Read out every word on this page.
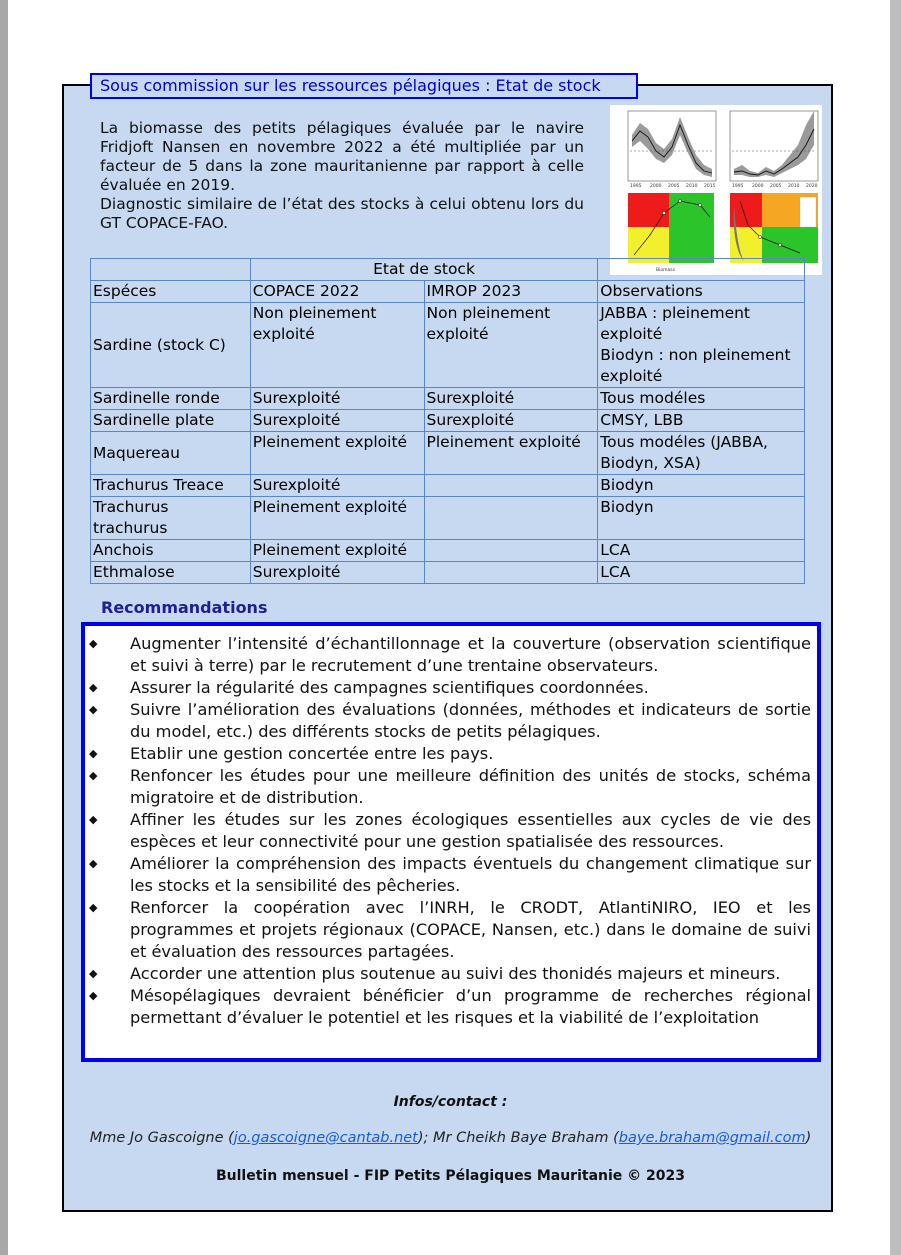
Sous commission sur les ressources pélagiques : Etat de stock

La biomasse des petits pélagiques évaluée par le navire Fridjoft Nansen en novembre 2022 a été multipliée par un facteur de 5 dans la zone mauritanienne par rapport à celle évaluée en 2019.

Diagnostic similaire de l’état des stocks à celui obtenu lors du GT COPACE-FAO.

1995 2000 2005 2010 2015	1995 2000 2005 2010 2020
Biomass
	Etat de stock		
Espéces	COPACE 2022	IMROP 2023	Observations
Sardine (stock C)	Non pleinement exploité	Non pleinement exploité	JABBA : pleinement exploité
Biodyn : non pleinement exploité

Sardinelle ronde	Surexploité	Surexploité	Tous modéles
Sardinelle plate	Surexploité	Surexploité	CMSY, LBB
Maquereau	Pleinement exploité	Pleinement exploité	Tous modéles (JABBA, Biodyn, XSA)
Trachurus Treace	Surexploité		Biodyn
Trachurus trachurus	Pleinement exploité		Biodyn
Anchois	Pleinement exploité		LCA
Ethmalose	Surexploité		LCA
Recommandations
◆ Augmenter l’intensité d’échantillonnage et la couverture (observation scientifique et suivi à terre) par le recrutement d’une trentaine observateurs.
◆ Assurer la régularité des campagnes scientifiques coordonnées.
◆ Suivre l’amélioration des évaluations (données, méthodes et indicateurs de sortie du model, etc.) des différents stocks de petits pélagiques.
◆ Etablir une gestion concertée entre les pays.
◆ Renfoncer les études pour une meilleure définition des unités de stocks, schéma migratoire et de distribution.
◆ Affiner les études sur les zones écologiques essentielles aux cycles de vie des espèces et leur connectivité pour une gestion spatialisée des ressources.
◆ Améliorer la compréhension des impacts éventuels du changement climatique sur les stocks et la sensibilité des pêcheries.
◆ Renforcer la coopération avec l’INRH, le CRODT, AtlantiNIRO, IEO et les programmes et projets régionaux (COPACE, Nansen, etc.) dans le domaine de suivi et évaluation des ressources partagées.
◆ Accorder une attention plus soutenue au suivi des thonidés majeurs et mineurs.
◆ Mésopélagiques devraient bénéficier d’un programme de recherches régional permettant d’évaluer le potentiel et les risques et la viabilité de l’exploitation
Infos/contact :
Mme Jo Gascoigne (jo.gascoigne@cantab.net); Mr Cheikh Baye Braham (baye.braham@gmail.com)
Bulletin mensuel - FIP Petits Pélagiques Mauritanie © 2023
